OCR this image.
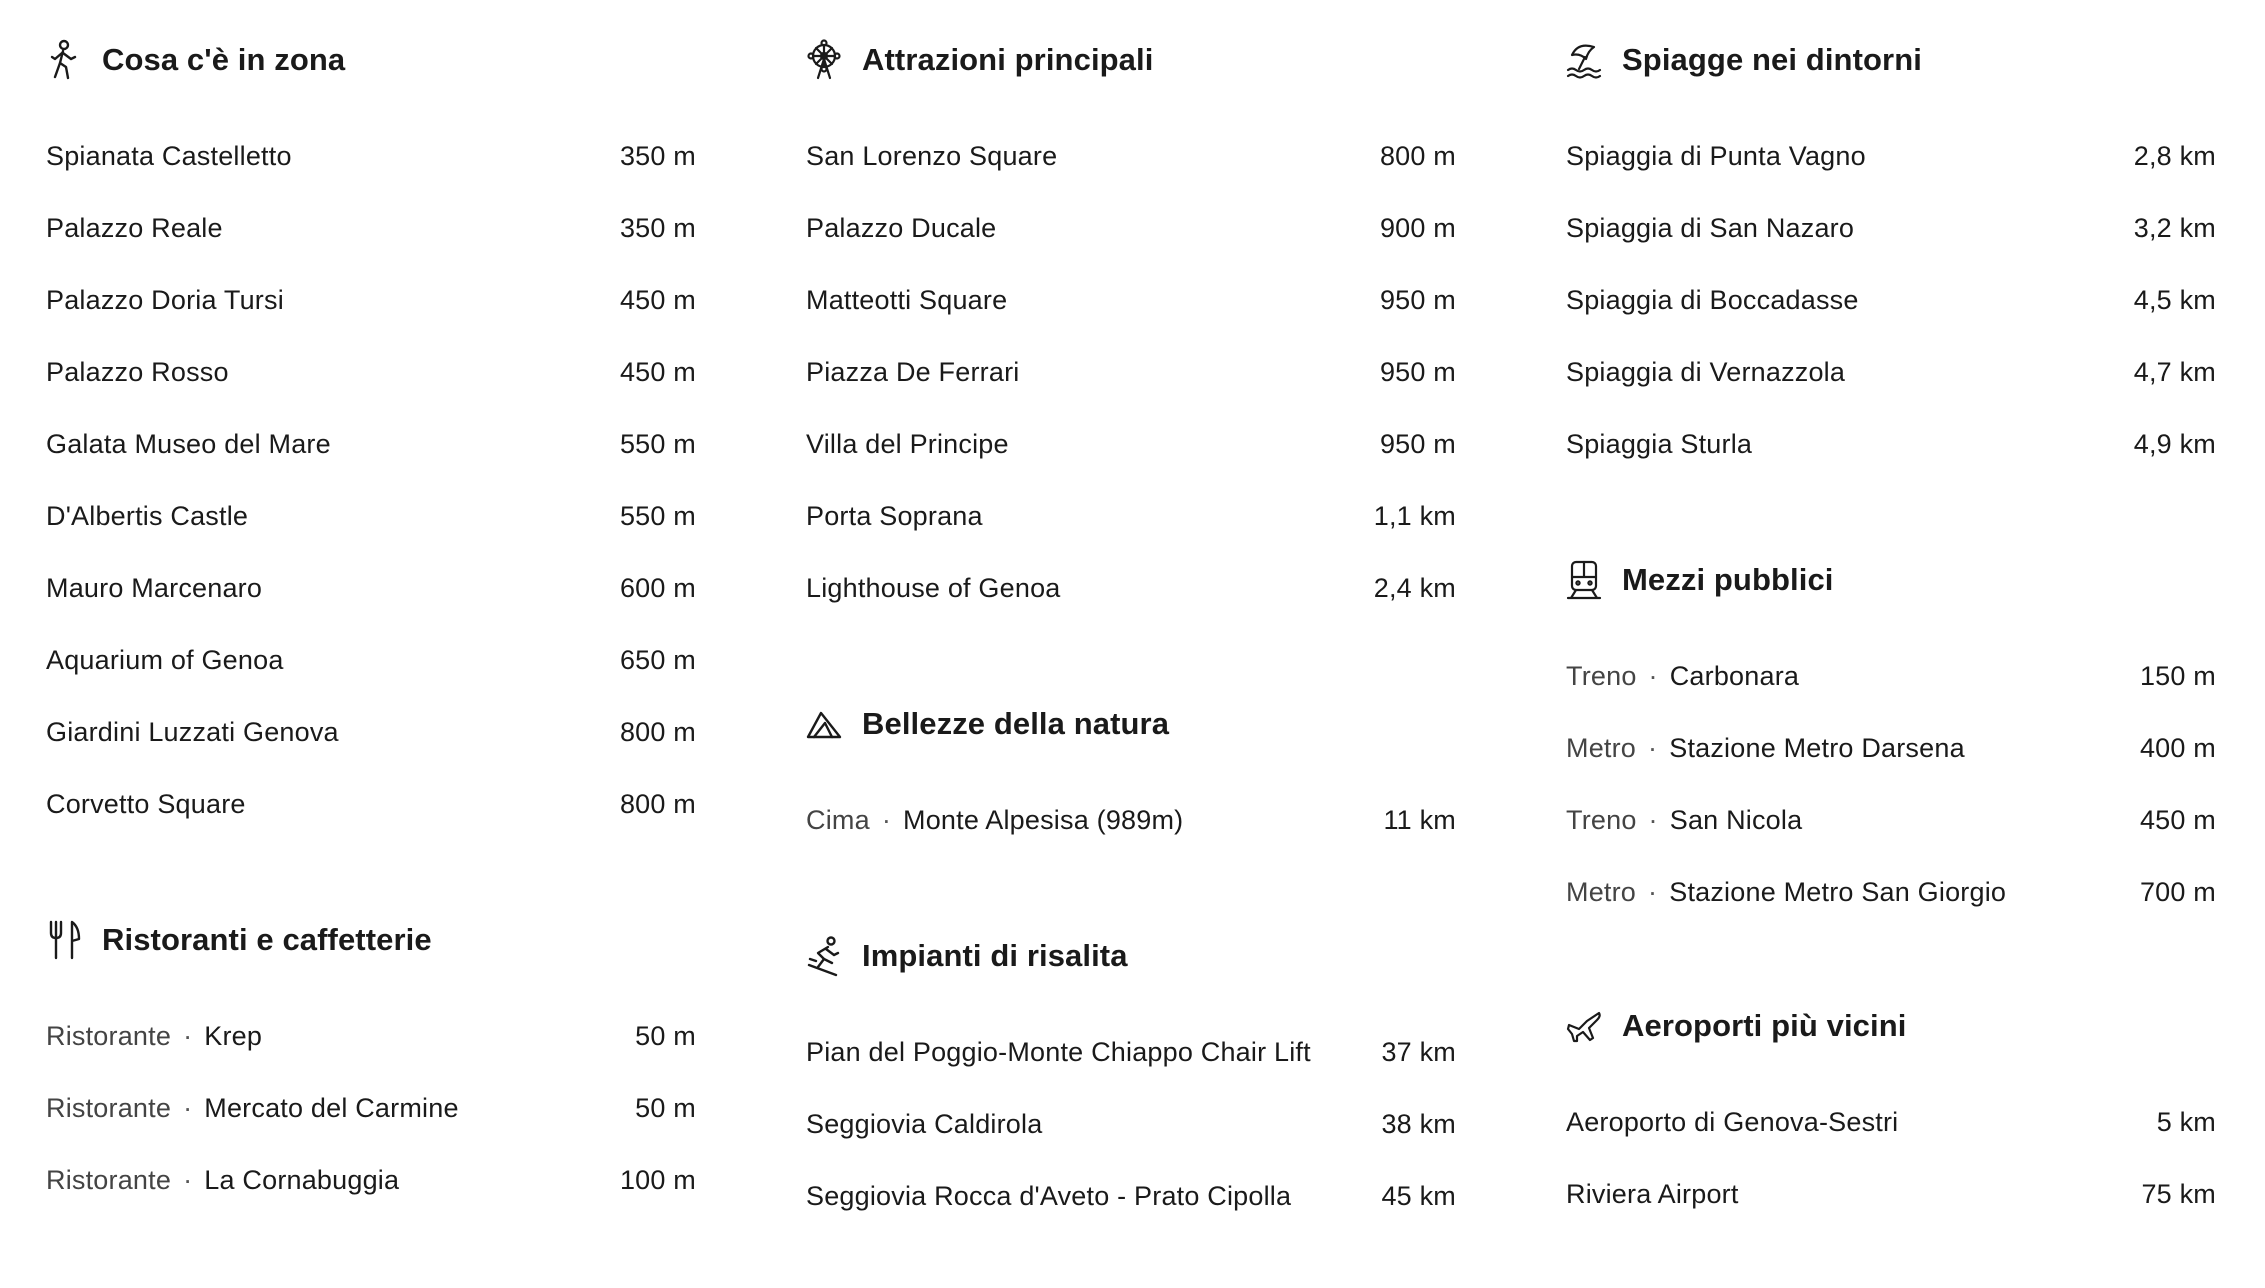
Cosa c'è in zona
Spianata Castelletto	350 m
Palazzo Reale	350 m
Palazzo Doria Tursi	450 m
Palazzo Rosso	450 m
Galata Museo del Mare	550 m
D'Albertis Castle	550 m
Mauro Marcenaro	600 m
Aquarium of Genoa	650 m
Giardini Luzzati Genova	800 m
Corvetto Square	800 m
Ristoranti e caffetterie
Ristorante · Krep	50 m
Ristorante · Mercato del Carmine	50 m
Ristorante · La Cornabuggia	100 m
Attrazioni principali
San Lorenzo Square	800 m
Palazzo Ducale	900 m
Matteotti Square	950 m
Piazza De Ferrari	950 m
Villa del Principe	950 m
Porta Soprana	1,1 km
Lighthouse of Genoa	2,4 km
Bellezze della natura
Cima · Monte Alpesisa (989m)	11 km
Impianti di risalita
Pian del Poggio-Monte Chiappo Chair Lift	37 km
Seggiovia Caldirola	38 km
Seggiovia Rocca d'Aveto - Prato Cipolla	45 km
Spiagge nei dintorni
Spiaggia di Punta Vagno	2,8 km
Spiaggia di San Nazaro	3,2 km
Spiaggia di Boccadasse	4,5 km
Spiaggia di Vernazzola	4,7 km
Spiaggia Sturla	4,9 km
Mezzi pubblici
Treno · Carbonara	150 m
Metro · Stazione Metro Darsena	400 m
Treno · San Nicola	450 m
Metro · Stazione Metro San Giorgio	700 m
Aeroporti più vicini
Aeroporto di Genova-Sestri	5 km
Riviera Airport	75 km
